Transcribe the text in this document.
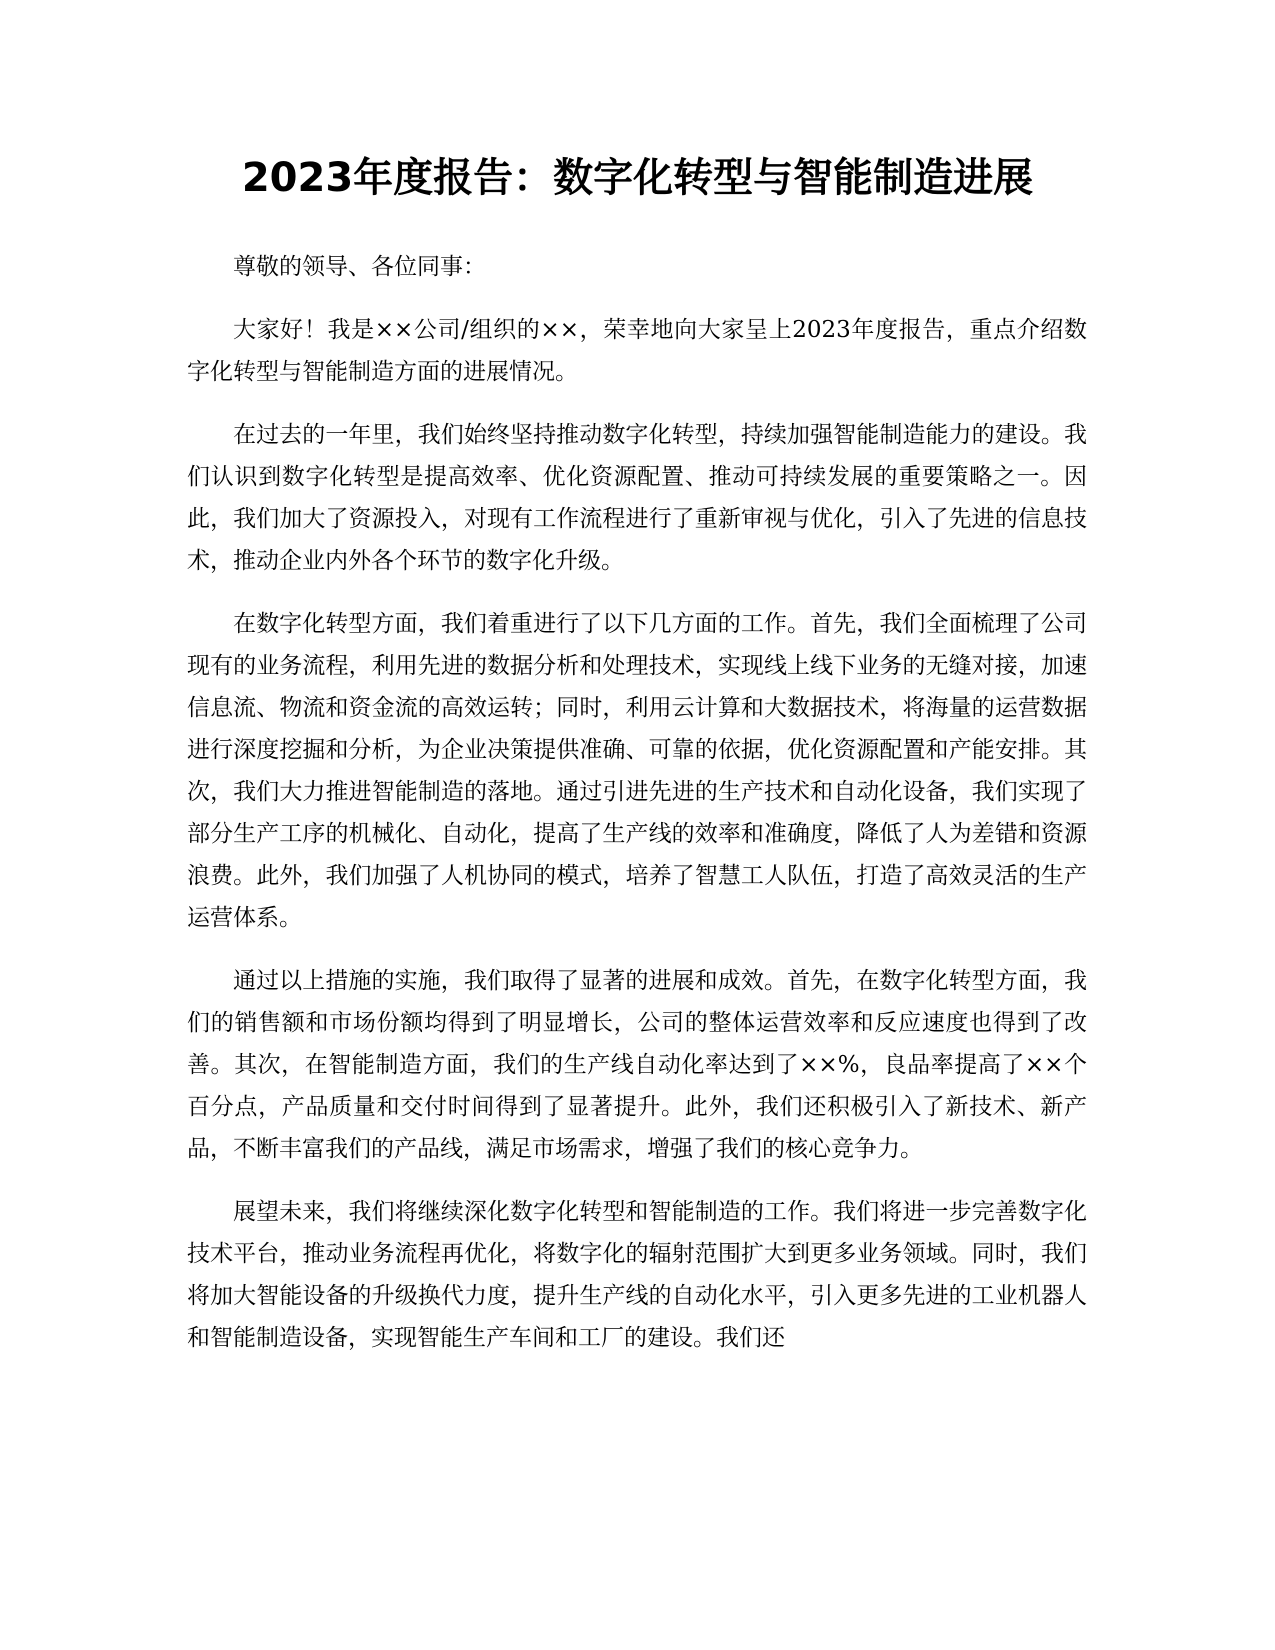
2023年度报告：数字化转型与智能制造进展

尊敬的领导、各位同事：

大家好！我是××公司/组织的××，荣幸地向大家呈上2023年度报告，重点介绍数字化转型与智能制造方面的进展情况。

在过去的一年里，我们始终坚持推动数字化转型，持续加强智能制造能力的建设。我们认识到数字化转型是提高效率、优化资源配置、推动可持续发展的重要策略之一。因此，我们加大了资源投入，对现有工作流程进行了重新审视与优化，引入了先进的信息技术，推动企业内外各个环节的数字化升级。

在数字化转型方面，我们着重进行了以下几方面的工作。首先，我们全面梳理了公司现有的业务流程，利用先进的数据分析和处理技术，实现线上线下业务的无缝对接，加速信息流、物流和资金流的高效运转；同时，利用云计算和大数据技术，将海量的运营数据进行深度挖掘和分析，为企业决策提供准确、可靠的依据，优化资源配置和产能安排。其次，我们大力推进智能制造的落地。通过引进先进的生产技术和自动化设备，我们实现了部分生产工序的机械化、自动化，提高了生产线的效率和准确度，降低了人为差错和资源浪费。此外，我们加强了人机协同的模式，培养了智慧工人队伍，打造了高效灵活的生产运营体系。

通过以上措施的实施，我们取得了显著的进展和成效。首先，在数字化转型方面，我们的销售额和市场份额均得到了明显增长，公司的整体运营效率和反应速度也得到了改善。其次，在智能制造方面，我们的生产线自动化率达到了××%，良品率提高了××个百分点，产品质量和交付时间得到了显著提升。此外，我们还积极引入了新技术、新产品，不断丰富我们的产品线，满足市场需求，增强了我们的核心竞争力。

展望未来，我们将继续深化数字化转型和智能制造的工作。我们将进一步完善数字化技术平台，推动业务流程再优化，将数字化的辐射范围扩大到更多业务领域。同时，我们将加大智能设备的升级换代力度，提升生产线的自动化水平，引入更多先进的工业机器人和智能制造设备，实现智能生产车间和工厂的建设。我们还
